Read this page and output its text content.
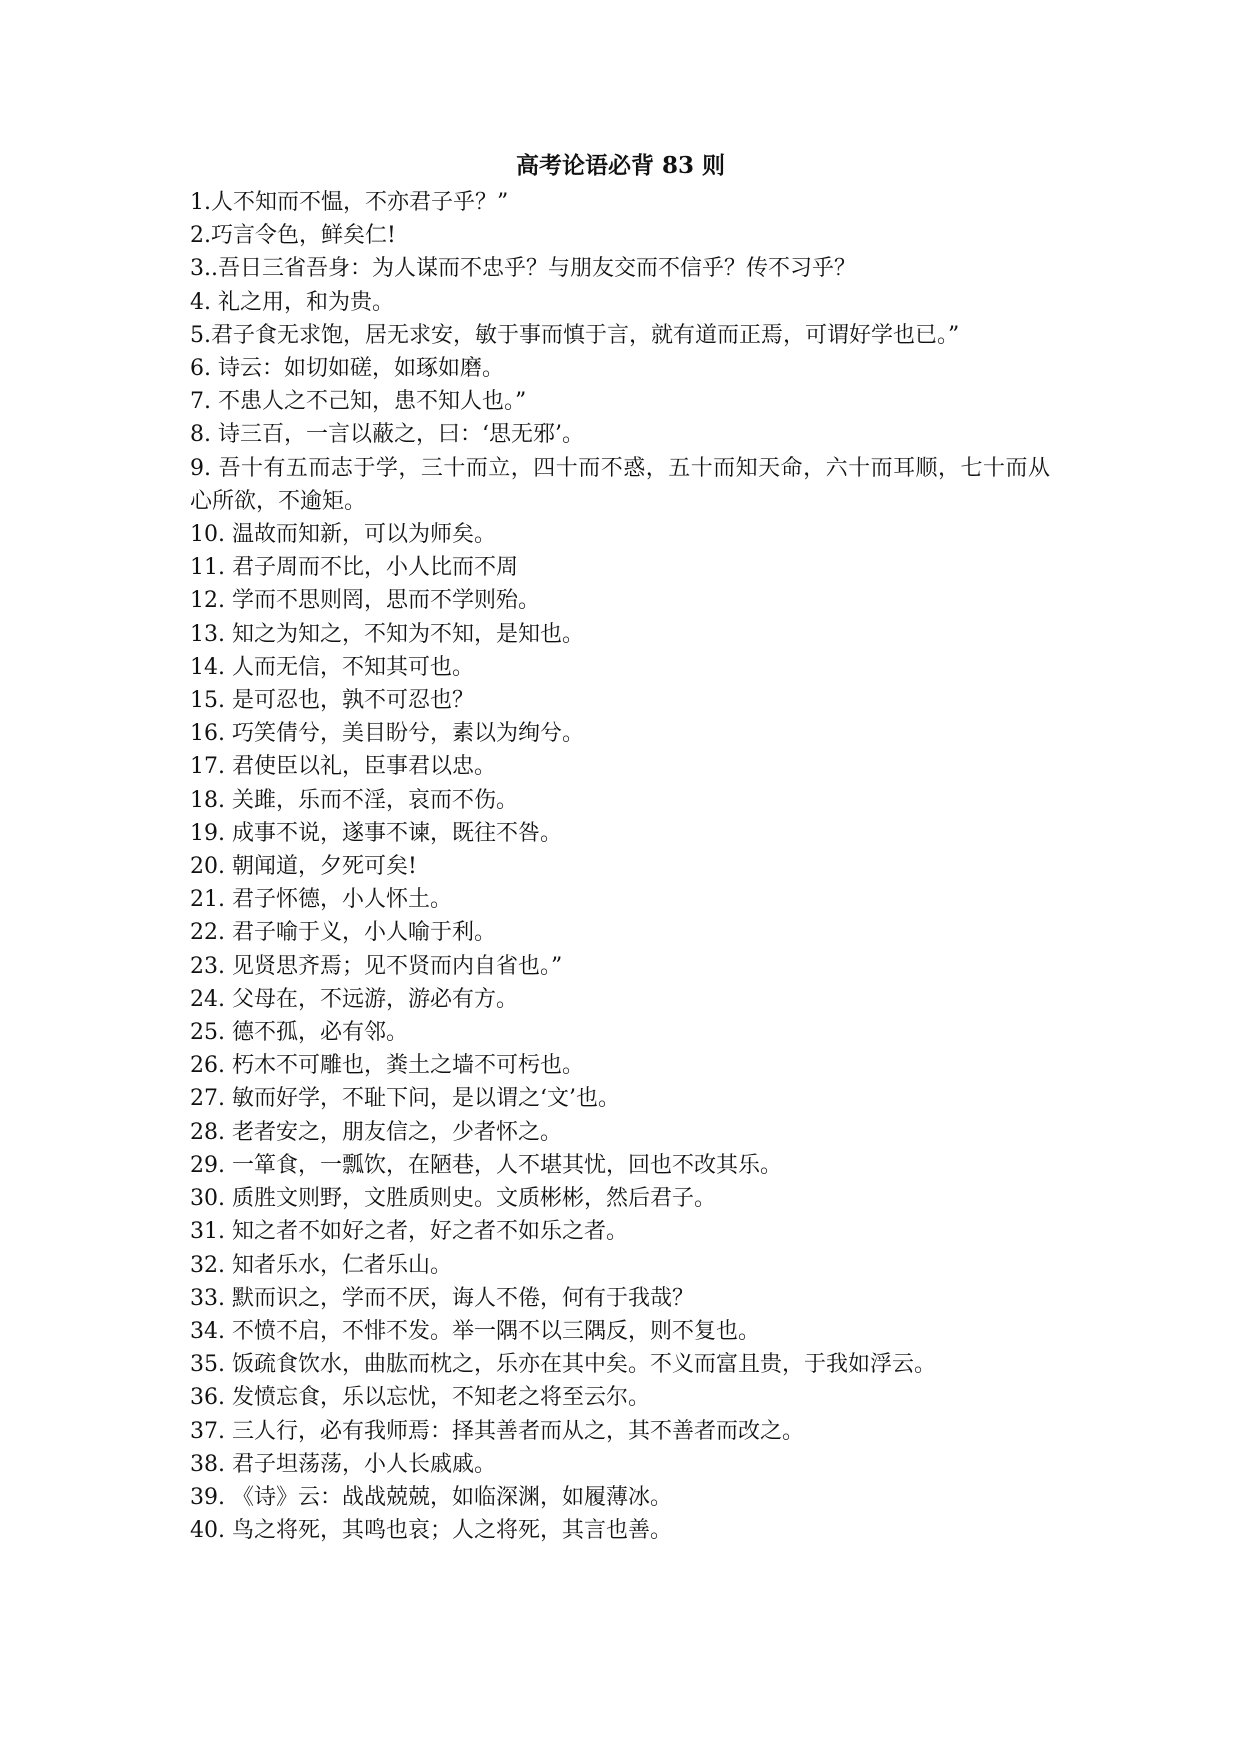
高考论语必背 83 则

1.人不知而不愠，不亦君子乎？”

2.巧言令色，鲜矣仁!

3..吾日三省吾身：为人谋而不忠乎？与朋友交而不信乎？传不习乎？

4. 礼之用，和为贵。

5.君子食无求饱，居无求安，敏于事而慎于言，就有道而正焉，可谓好学也已。”

6. 诗云：如切如磋，如琢如磨。

7. 不患人之不己知，患不知人也。”

8. 诗三百，一言以蔽之，曰：‘思无邪’。

9. 吾十有五而志于学，三十而立，四十而不惑，五十而知天命，六十而耳顺，七十而从心所欲，不逾矩。

10. 温故而知新，可以为师矣。

11. 君子周而不比，小人比而不周

12. 学而不思则罔，思而不学则殆。

13. 知之为知之，不知为不知，是知也。

14. 人而无信，不知其可也。

15. 是可忍也，孰不可忍也？

16. 巧笑倩兮，美目盼兮，素以为绚兮。

17. 君使臣以礼，臣事君以忠。

18. 关雎，乐而不淫，哀而不伤。

19. 成事不说，遂事不谏，既往不咎。

20. 朝闻道，夕死可矣!

21. 君子怀德，小人怀土。

22. 君子喻于义，小人喻于利。

23. 见贤思齐焉；见不贤而内自省也。”

24. 父母在，不远游，游必有方。

25. 德不孤，必有邻。

26. 朽木不可雕也，粪土之墙不可杇也。

27. 敏而好学，不耻下问，是以谓之‘文’也。

28. 老者安之，朋友信之，少者怀之。

29. 一箪食，一瓢饮，在陋巷，人不堪其忧，回也不改其乐。

30. 质胜文则野，文胜质则史。文质彬彬，然后君子。

31. 知之者不如好之者，好之者不如乐之者。

32. 知者乐水，仁者乐山。

33. 默而识之，学而不厌，诲人不倦，何有于我哉？

34. 不愤不启，不悱不发。举一隅不以三隅反，则不复也。

35. 饭疏食饮水，曲肱而枕之，乐亦在其中矣。不义而富且贵，于我如浮云。

36. 发愤忘食，乐以忘忧，不知老之将至云尔。

37. 三人行，必有我师焉：择其善者而从之，其不善者而改之。

38. 君子坦荡荡，小人长戚戚。

39. 《诗》云：战战兢兢，如临深渊，如履薄冰。

40. 鸟之将死，其鸣也哀；人之将死，其言也善。
